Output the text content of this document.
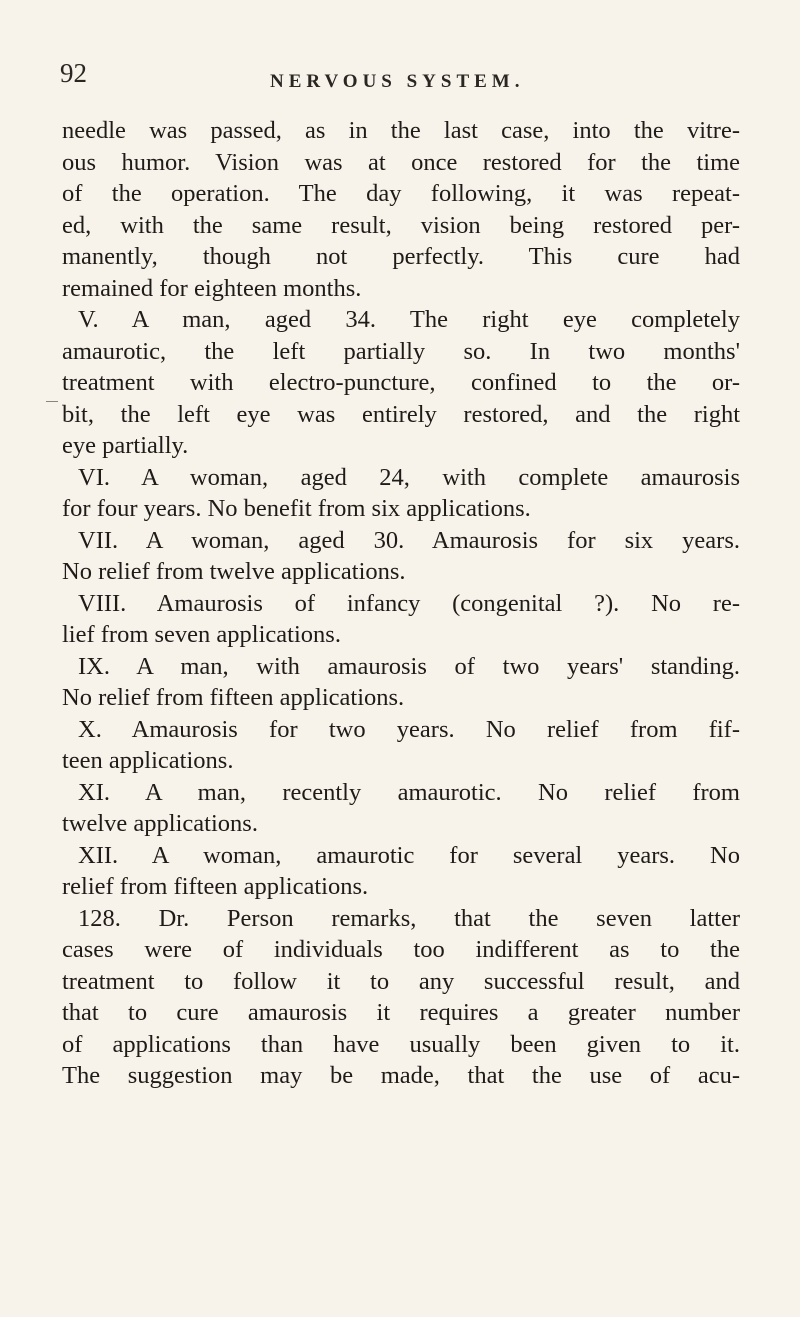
92	NERVOUS SYSTEM.
needle was passed, as in the last case, into the vitre-
ous humor. Vision was at once restored for the time
of the operation. The day following, it was repeat-
ed, with the same result, vision being restored per-
manently, though not perfectly. This cure had
remained for eighteen months.
V. A man, aged 34. The right eye completely
amaurotic, the left partially so. In two months'
treatment with electro-puncture, confined to the or-
bit, the left eye was entirely restored, and the right
eye partially.
VI. A woman, aged 24, with complete amaurosis
for four years. No benefit from six applications.
VII. A woman, aged 30. Amaurosis for six years.
No relief from twelve applications.
VIII. Amaurosis of infancy (congenital ?). No re-
lief from seven applications.
IX. A man, with amaurosis of two years' standing.
No relief from fifteen applications.
X. Amaurosis for two years. No relief from fif-
teen applications.
XI. A man, recently amaurotic. No relief from
twelve applications.
XII. A woman, amaurotic for several years. No
relief from fifteen applications.
128. Dr. Person remarks, that the seven latter
cases were of individuals too indifferent as to the
treatment to follow it to any successful result, and
that to cure amaurosis it requires a greater number
of applications than have usually been given to it.
The suggestion may be made, that the use of acu-
